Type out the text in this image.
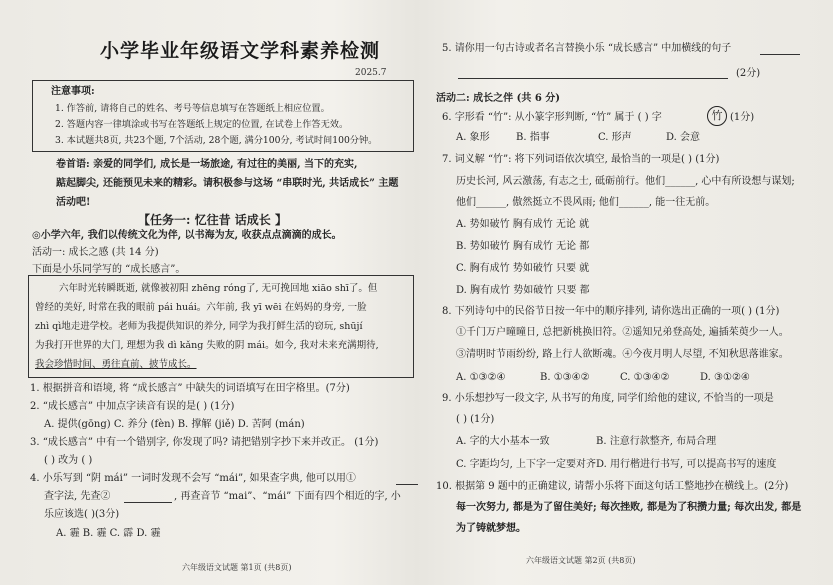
小学毕业年级语文学科素养检测
2025.7
注意事项:
1. 作答前, 请将自己的姓名、考号等信息填写在答题纸上相应位置。
2. 答题内容一律填涂或书写在答题纸上规定的位置, 在试卷上作答无效。
3. 本试题共8页, 共23个题, 7个活动, 28个题, 满分100分, 考试时间100分钟。
卷首语: 亲爱的同学们, 成长是一场旅途, 有过往的美丽, 当下的充实,
踮起脚尖, 还能预见未来的精彩。请积极参与这场 “串联时光, 共话成长” 主题
活动吧!
【任务一: 忆往昔 话成长 】
◎小学六年, 我们以传统文化为伴, 以书海为友, 收获点点滴滴的成长。
活动一: 成长之感 (共 14 分)
下面是小乐同学写的 “成长感言”。
六年时光转瞬既逝, 就像被初阳 zhēng róng了, 无可挽回地 xiāo shī了。但
曾经的美好, 时常在我的眼前 pái huái。六年前, 我 yī wēi 在妈妈的身旁, 一脸
zhì qì地走进学校。老师为我提供知识的养分, 同学为我打鲜生活的窃玩, shūjí
为我打开世界的大门, 理想为我 dì kǎng 失败的阴 mái。如今, 我对未来充满期待,
我会珍惜时间、勇往直前、披节成长。
1. 根据拼音和语境, 将 “成长感言” 中缺失的词语填写在田字格里。(7分)
2. “成长感言” 中加点字读音有误的是( ) (1分)
A. 提供(gōng) C. 养分 (fèn) B. 撑解 (jiě) D. 苦阿 (mán)
3. “成长感言” 中有一个错别字, 你发现了吗? 请把错别字抄下来并改正。 (1分)
( ) 改为 ( )
4. 小乐写到 “阴 mái” 一词时发现不会写 “mái”, 如果查字典, 他可以用①
查字法, 先查②	, 再查音节 “mai”、“mái” 下面有四个相近的字, 小
乐应该选( )(3分)
A. 霾 B. 霾 C. 霹 D. 霾
六年级语文试题 第1页 (共8页)
5. 请你用一句古诗或者名言替换小乐 “成长感言” 中加横线的句子
(2分)
活动二: 成长之伴 (共 6 分)
6. 字形看 “竹”: 从小篆字形判断, “竹” 属于 ( ) 字	竹 (1分)
A. 象形	B. 指事	C. 形声	D. 会意
7. 词义解 “竹”: 将下列词语依次填空, 最恰当的一项是( ) (1分)
历史长河, 风云激荡, 有志之士, 砥砺前行。他们______, 心中有所设想与谋划;
他们______, 傲然挺立不畏风雨; 他们______, 能一往无前。
A. 势如破竹 胸有成竹 无论 就
B. 势如破竹 胸有成竹 无论 都
C. 胸有成竹 势如破竹 只要 就
D. 胸有成竹 势如破竹 只要 都
8. 下列诗句中的民俗节日按一年中的顺序排列, 请你选出正确的一项( ) (1分)
①千门万户曈曈日, 总把新桃换旧符。②遥知兄弟登高处, 遍插茱萸少一人。
③清明时节雨纷纷, 路上行人欲断魂。④今夜月明人尽望, 不知秋思落谁家。
A. ①③②④	B. ①③④②	C. ①③④②	D. ③①②④
9. 小乐想抄写一段文字, 从书写的角度, 同学们给他的建议, 不恰当的一项是
( ) (1分)
A. 字的大小基本一致	B. 注意行款整齐, 布局合理
C. 字距均匀, 上下字一定要对齐 D. 用行楷进行书写, 可以提高书写的速度
10. 根据第 9 题中的正确建议, 请帮小乐将下面这句话工整地抄在横线上。(2分)
每一次努力, 都是为了留住美好; 每次挫败, 都是为了积攒力量; 每次出发, 都是
为了铸就梦想。
六年级语文试题 第2页 (共8页)
